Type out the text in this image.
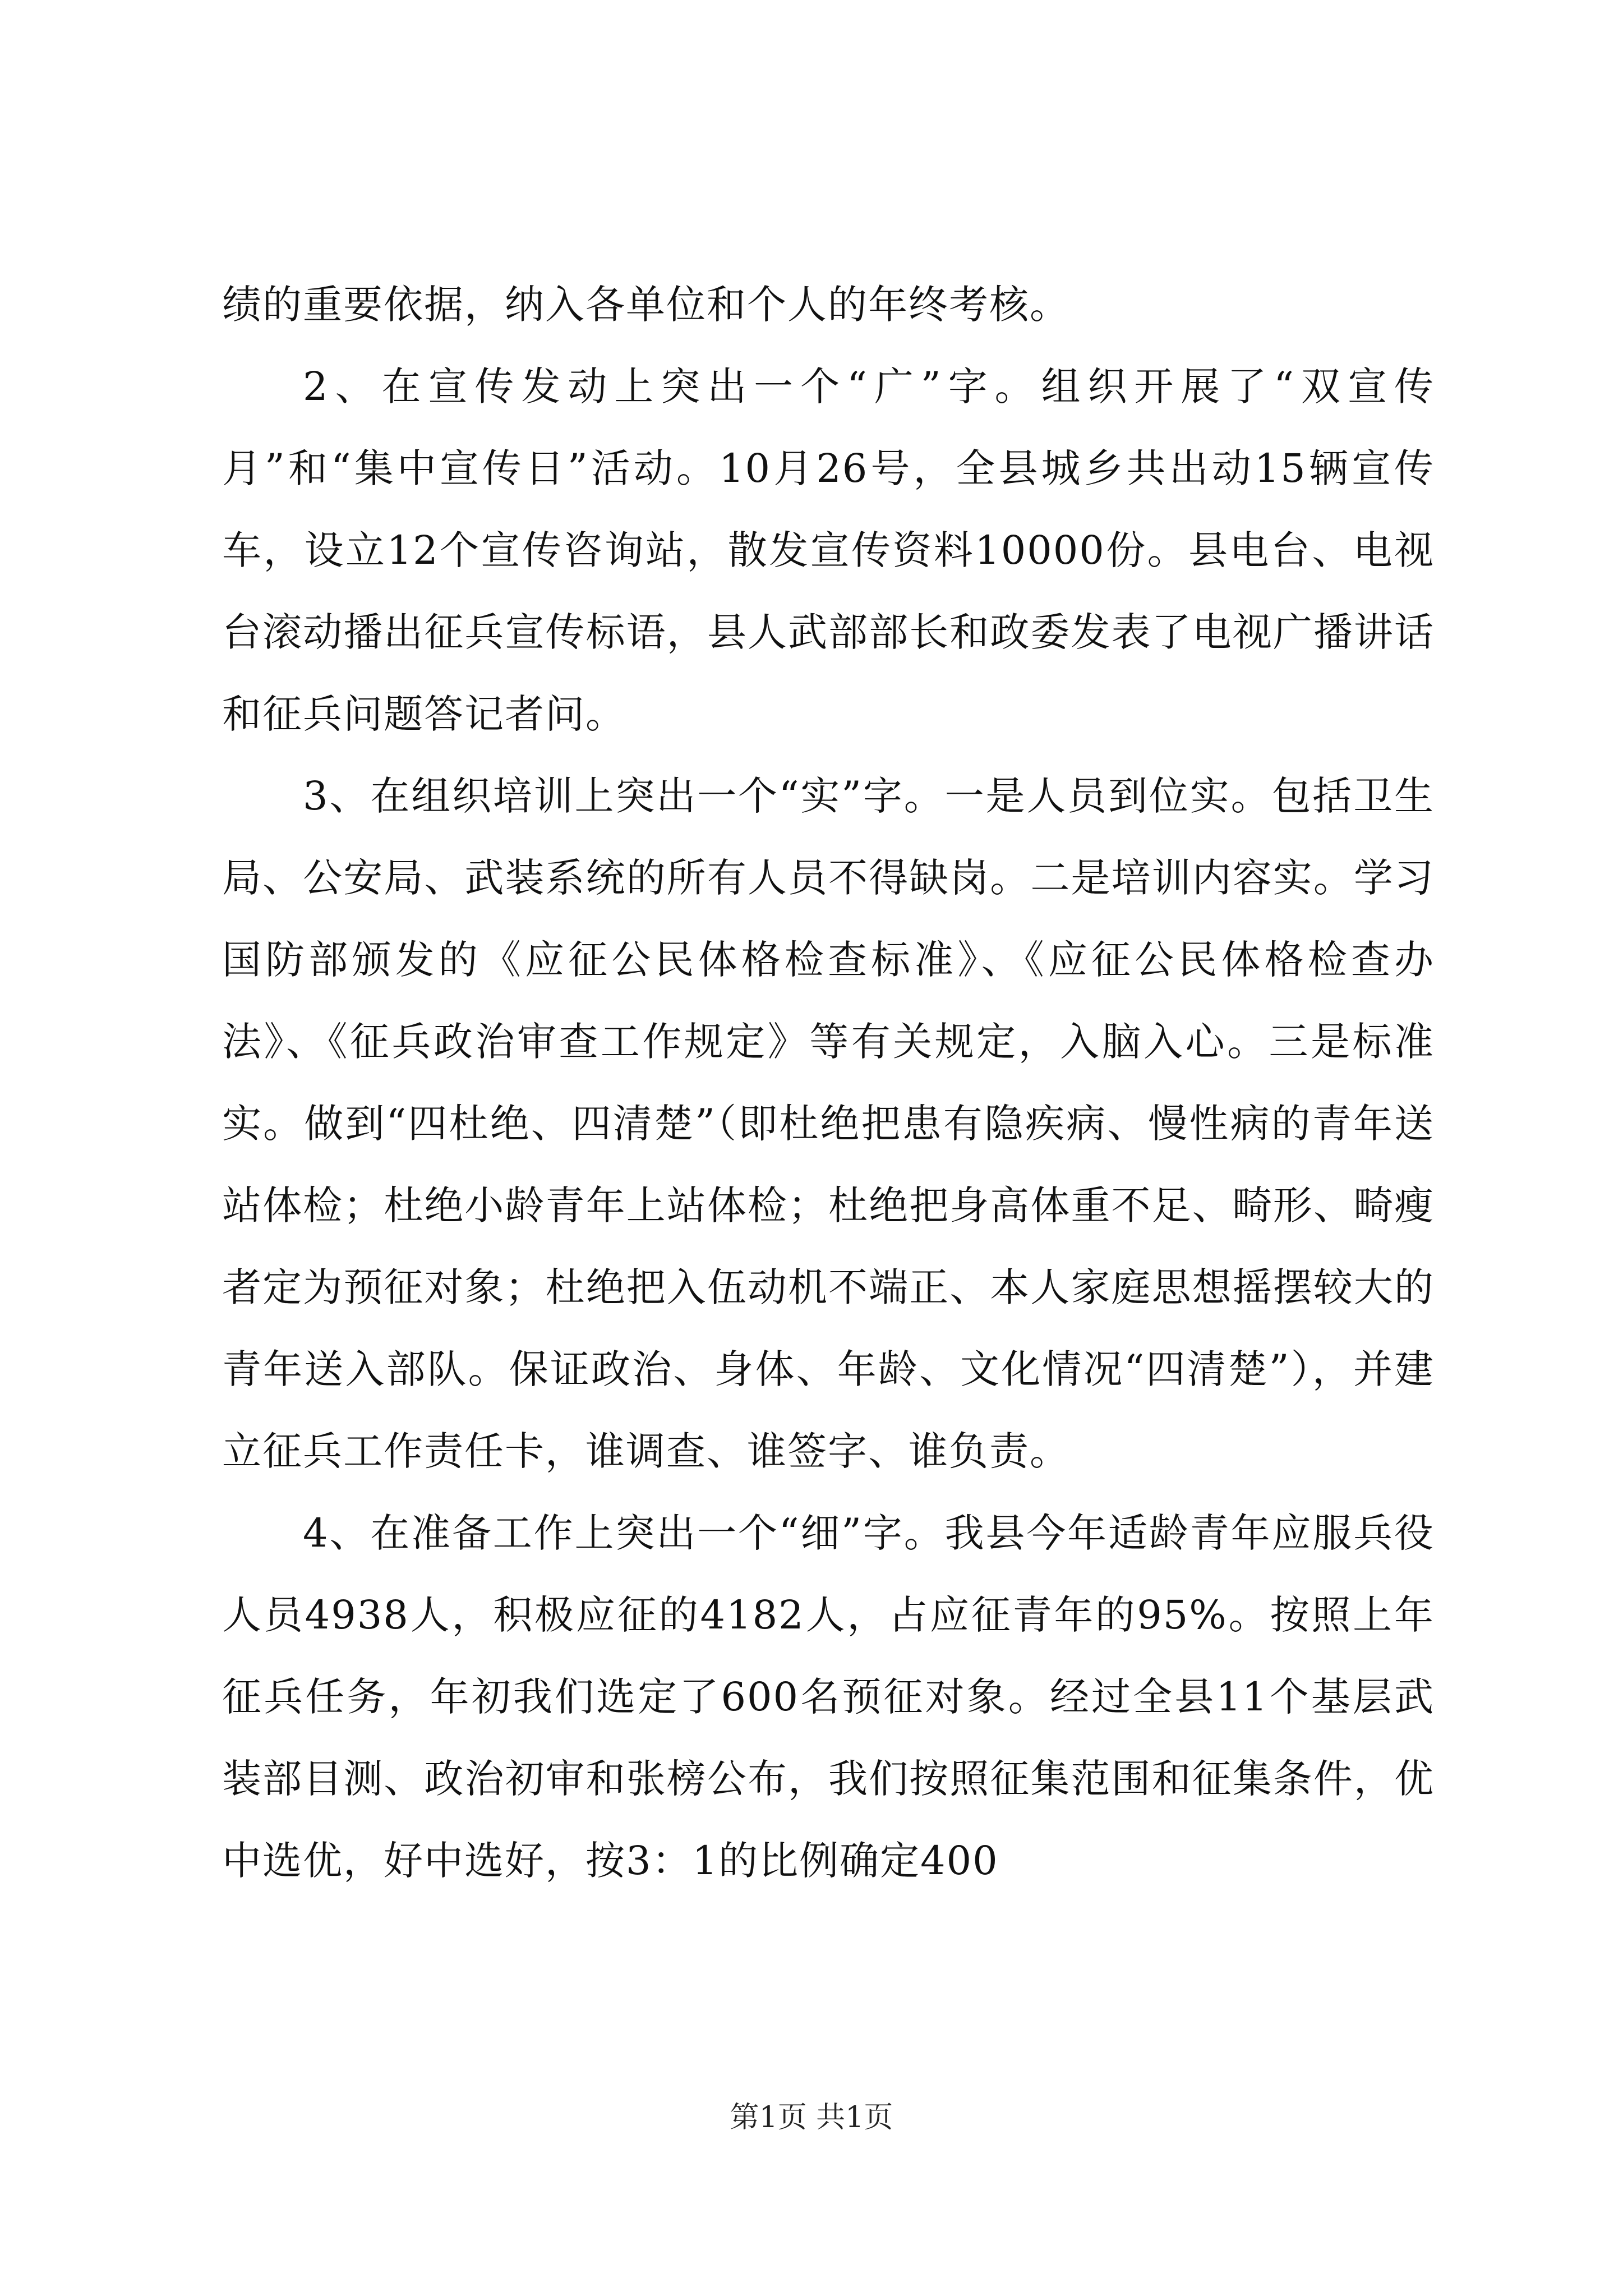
绩的重要依据，纳入各单位和个人的年终考核。

2、在宣传发动上突出一个“广”字。组织开展了“双宣传月”和“集中宣传日”活动。10月26号，全县城乡共出动15辆宣传车，设立12个宣传咨询站，散发宣传资料10000份。县电台、电视台滚动播出征兵宣传标语，县人武部部长和政委发表了电视广播讲话和征兵问题答记者问。

3、在组织培训上突出一个“实”字。一是人员到位实。包括卫生局、公安局、武装系统的所有人员不得缺岗。二是培训内容实。学习国防部颁发的《应征公民体格检查标准》、《应征公民体格检查办法》、《征兵政治审查工作规定》等有关规定，入脑入心。三是标准实。做到“四杜绝、四清楚”（即杜绝把患有隐疾病、慢性病的青年送站体检；杜绝小龄青年上站体检；杜绝把身高体重不足、畸形、畸瘦者定为预征对象；杜绝把入伍动机不端正、本人家庭思想摇摆较大的青年送入部队。保证政治、身体、年龄、文化情况“四清楚”），并建立征兵工作责任卡，谁调查、谁签字、谁负责。

4、在准备工作上突出一个“细”字。我县今年适龄青年应服兵役人员4938人，积极应征的4182人，占应征青年的95%。按照上年征兵任务，年初我们选定了600名预征对象。经过全县11个基层武装部目测、政治初审和张榜公布，我们按照征集范围和征集条件，优中选优，好中选好，按3：1的比例确定400

第1页 共1页
